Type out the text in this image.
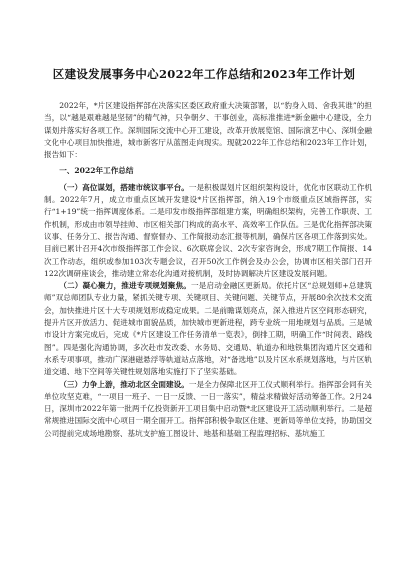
区建设发展事务中心2022年工作总结和2023年工作计划

2022年，*片区建设指挥部在决落实区委区政府重大决策部署，以“豹身入局、舍我其谁”的担当，以“越是艰难越是坚韧”的精气神，只争朝夕、干事创业，高标准推进*新金融中心建设，全力谋划并落实好各项工作。深圳国际交流中心开工建设，改革开放展览馆、国际演艺中心、深圳金融文化中心项目加快推进，城市新客厅从蓝图走向现实。现就2022年工作总结和2023年工作计划，报告如下：

一、2022年工作总结

（一）高位谋划，搭建市统议事平台。一是积极谋划片区组织架构设计，优化市区联动工作机制。2022年7月，成立市重点区域开发建设*片区指挥部，纳入19个市级重点区域指挥部，实行“1+19”统一指挥调度体系。二是印发市级指挥部组建方案，明确组织架构，完善工作职责、工作机制，形成由市领导挂帅、市区相关部门构成的高水平、高效率工作队伍。三是优化指挥部决策议事、任务分工、报告沟通、督察督办、工作简报动态汇报等机制，确保片区各项工作落到实处。目前已累计召开4次市级指挥部工作会议、6次联席会议、2次专家咨询会，形成7期工作简报、14次工作动态，组织或参加103次专题会议，召开50次工作例会及办公会，协调市区相关部门召开122次调研座谈会，推动建立常态化沟通对接机制，及时协调解决片区建设发展问题。

（二）凝心聚力，推进专项规划聚焦。一是启动金融区更新局。依托片区“总规划师+总建筑师”双总师团队专业力量，紧抓关键专项、关键项目、关键问题、关键节点，开展80余次技术交流会，加快推进片区十大专项规划形成稳定成果。二是前瞻谋划亮点，深入推进片区空间形态研究，提升片区开放活力、促进城市面貌品质，加快城市更新进程，跨专业统一用地规划与品质。三是城市设计方案完成后，完成《*片区建设工作任务清单一览表》，倒排工期，明确工作“时间表、路线图”。四是强化沟通协调，多次赴市发改委、水务局、交通局、轨道办和地铁集团沟通片区交通和水系专项事项，推动广深港磁悬浮等轨道站点落地，对“备选地”以及片区水系规划落地，与片区轨道交通、地下空间等关键性规划落地实施打下了坚实基础。

（三）力争上游，推动北区全面建设。一是全力保障北区开工仪式顺利举行。指挥部会同有关单位攻坚克难，“一项目一班子、一日一反馈、一日一落实”，精益求精做好活动筹备工作。2月24日，深圳市2022年第一批两千亿投资新开工项目集中启动暨*北区建设开工活动顺利举行。二是超常规推进国际交流中心项目一期全面开工。指挥部积极争取区住建、更新局等单位支持，协助国交公司提前完成场地勘察、基坑支护施工图设计、地基和基础工程监理招标、基坑施工
